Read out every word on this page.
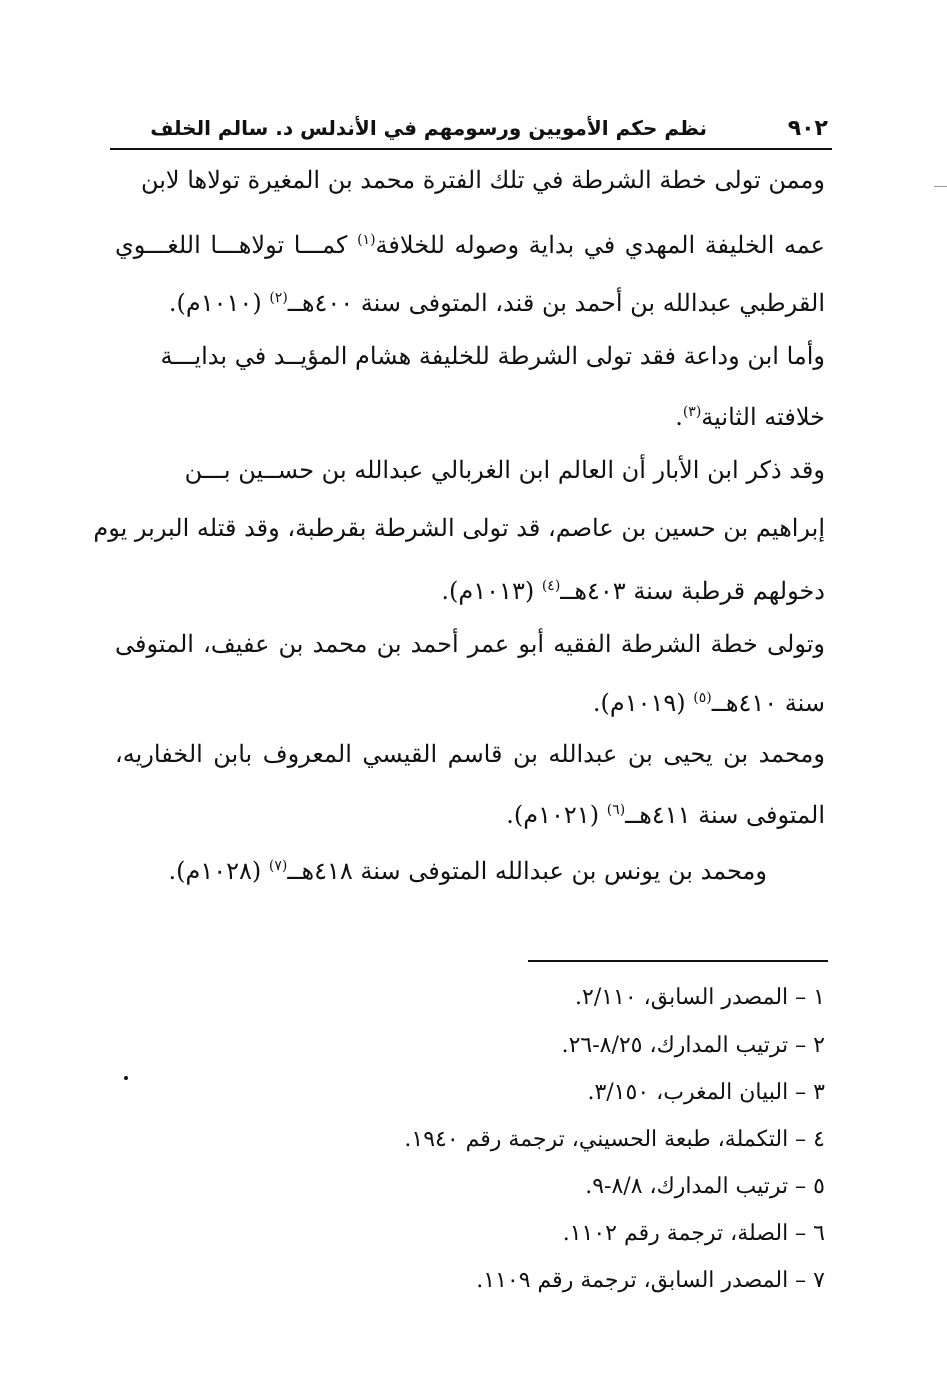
٩٠٢
نظم حكم الأمويين ورسومهم في الأندلس د. سالم الخلف
وممن تولى خطة الشرطة في تلك الفترة محمد بن المغيرة تولاها لابن
عمه الخليفة المهدي في بداية وصوله للخلافة$^{(١)}$ كمـــا تولاهـــا اللغـــوي
القرطبي عبدالله بن أحمد بن قند، المتوفى سنة ٤٠٠هــ$^{(٢)}$ (١٠١٠م).
وأما ابن وداعة فقد تولى الشرطة للخليفة هشام المؤيــد في بدايـــة
خلافته الثانية$^{(٣)}$.
وقد ذكر ابن الأبار أن العالم ابن الغربالي عبدالله بن حســين بـــن
إبراهيم بن حسين بن عاصم، قد تولى الشرطة بقرطبة، وقد قتله البربر يوم
دخولهم قرطبة سنة ٤٠٣هــ$^{(٤)}$ (١٠١٣م).
وتولى خطة الشرطة الفقيه أبو عمر أحمد بن محمد بن عفيف، المتوفى
سنة ٤١٠هــ$^{(٥)}$ (١٠١٩م).
ومحمد بن يحيى بن عبدالله بن قاسم القيسي المعروف بابن الخفاريه،
المتوفى سنة ٤١١هــ$^{(٦)}$ (١٠٢١م).
ومحمد بن يونس بن عبدالله المتوفى سنة ٤١٨هــ$^{(٧)}$ (١٠٢٨م).
١ – المصدر السابق، ٢/١١٠.
٢ – ترتيب المدارك، ٨/٢٥-٢٦.
٣ – البيان المغرب، ٣/١٥٠.
٤ – التكملة، طبعة الحسيني، ترجمة رقم ١٩٤٠.
٥ – ترتيب المدارك، ٨/٨-٩.
٦ – الصلة، ترجمة رقم ١١٠٢.
٧ – المصدر السابق، ترجمة رقم ١١٠٩.
